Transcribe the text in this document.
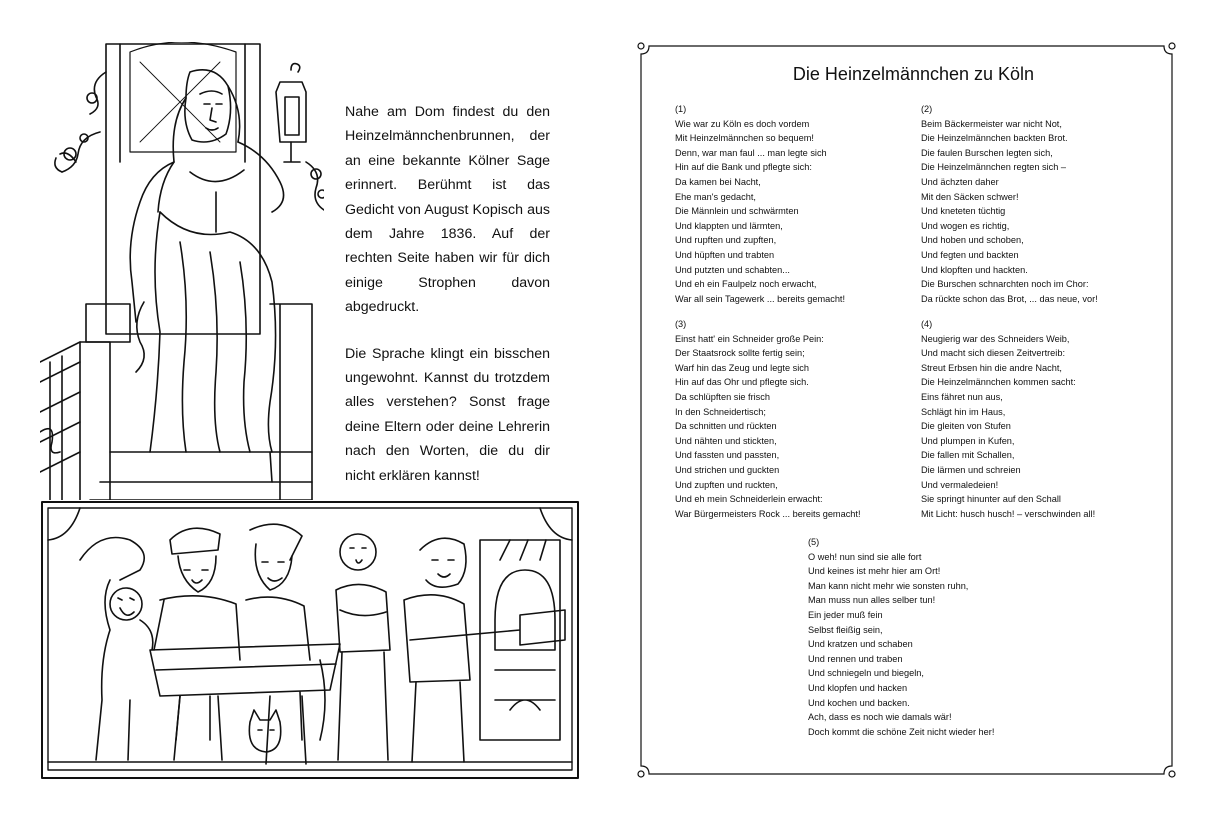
Nahe am Dom findest du den Heinzelmännchenbrunnen, der an eine bekannte Kölner Sage erinnert. Berühmt ist das Gedicht von August Kopisch aus dem Jahre 1836. Auf der rechten Seite haben wir für dich einige Strophen davon abgedruckt.

Die Sprache klingt ein bisschen ungewohnt. Kannst du trotzdem alles verstehen? Sonst frage deine Eltern oder deine Lehrerin nach den Worten, die du dir nicht erklären kannst!

Die Heinzelmännchen zu Köln
(1)
Wie war zu Köln es doch vordem
Mit Heinzelmännchen so bequem!
Denn, war man faul ... man legte sich
Hin auf die Bank und pflegte sich:
Da kamen bei Nacht,
Ehe man's gedacht,
Die Männlein und schwärmten
Und klappten und lärmten,
Und rupften und zupften,
Und hüpften und trabten
Und putzten und schabten...
Und eh ein Faulpelz noch erwacht,
War all sein Tagewerk ... bereits gemacht!
(2)
Beim Bäckermeister war nicht Not,
Die Heinzelmännchen backten Brot.
Die faulen Burschen legten sich,
Die Heinzelmännchen regten sich –
Und ächzten daher
Mit den Säcken schwer!
Und kneteten tüchtig
Und wogen es richtig,
Und hoben und schoben,
Und fegten und backten
Und klopften und hackten.
Die Burschen schnarchten noch im Chor:
Da rückte schon das Brot, ... das neue, vor!
(3)
Einst hatt' ein Schneider große Pein:
Der Staatsrock sollte fertig sein;
Warf hin das Zeug und legte sich
Hin auf das Ohr und pflegte sich.
Da schlüpften sie frisch
In den Schneidertisch;
Da schnitten und rückten
Und nähten und stickten,
Und fassten und passten,
Und strichen und guckten
Und zupften und ruckten,
Und eh mein Schneiderlein erwacht:
War Bürgermeisters Rock ... bereits gemacht!
(4)
Neugierig war des Schneiders Weib,
Und macht sich diesen Zeitvertreib:
Streut Erbsen hin die andre Nacht,
Die Heinzelmännchen kommen sacht:
Eins fähret nun aus,
Schlägt hin im Haus,
Die gleiten von Stufen
Und plumpen in Kufen,
Die fallen mit Schallen,
Die lärmen und schreien
Und vermaledeien!
Sie springt hinunter auf den Schall
Mit Licht: husch husch! – verschwinden all!
(5)
O weh! nun sind sie alle fort
Und keines ist mehr hier am Ort!
Man kann nicht mehr wie sonsten ruhn,
Man muss nun alles selber tun!
Ein jeder muß fein
Selbst fleißig sein,
Und kratzen und schaben
Und rennen und traben
Und schniegeln und biegeln,
Und klopfen und hacken
Und kochen und backen.
Ach, dass es noch wie damals wär!
Doch kommt die schöne Zeit nicht wieder her!
